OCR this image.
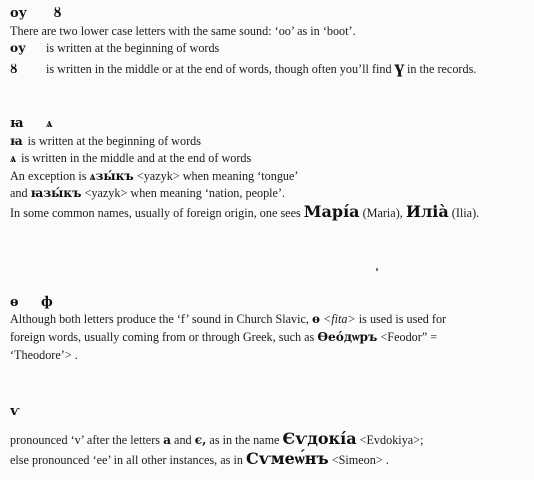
оу ȣ
There are two lower case letters with the same sound: ‘oo’ as in ‘boot’.
оу is written at the beginning of words
ȣ is written in the middle or at the end of words, though often you’ll find ү in the records.
ꙗ ѧ
ꙗ is written at the beginning of words
ѧ is written in the middle and at the end of words
An exception is ѧзы́къ <yazyk> when meaning ‘tongue’
and ꙗзы́къ <yazyk> when meaning ‘nation, people’.
In some common names, usually of foreign origin, one sees Марі́а (Maria), Иліа̀ (Ilia).
ѳ ф
Although both letters produce the ‘f’ sound in Church Slavic, ѳ <fita> is used is used for
foreign words, usually coming from or through Greek, such as Ѳеóдѡръ <Feodor” =
‘Theodore’> .
ѵ
pronounced ‘v’ after the letters а and є, as in the name Єѵдокі́а <Evdokiya>;
else pronounced ‘ee’ in all other instances, as in Сѵмеѡ́нъ <Simeon> .
